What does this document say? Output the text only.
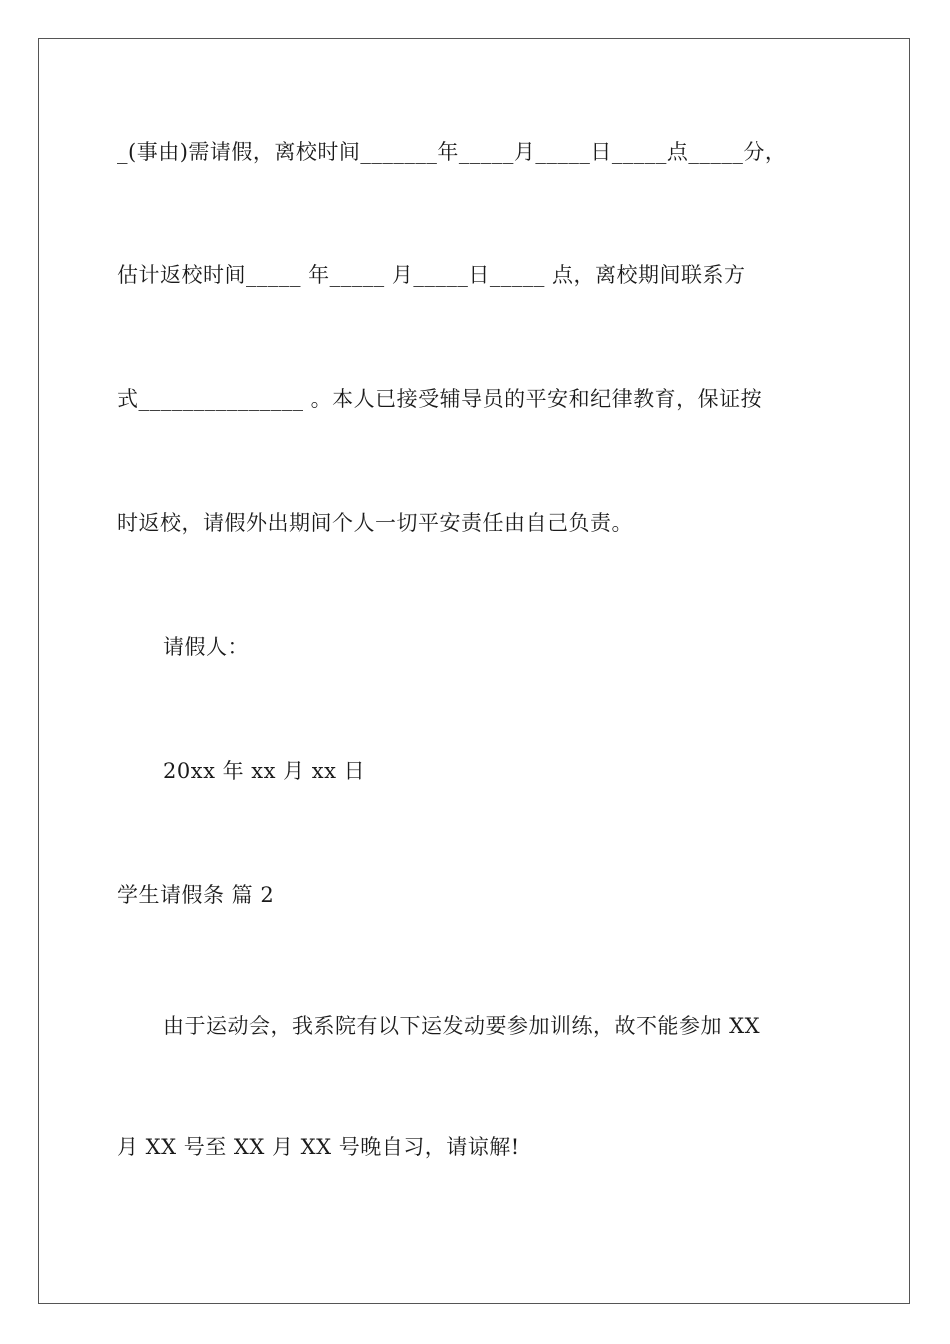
_(事由)需请假，离校时间_______年_____月_____日_____点_____分，
估计返校时间_____ 年_____ 月_____日_____ 点，离校期间联系方
式_______________ 。本人已接受辅导员的平安和纪律教育，保证按
时返校，请假外出期间个人一切平安责任由自己负责。
请假人：
20xx 年 xx 月 xx 日
学生请假条 篇 2
由于运动会，我系院有以下运发动要参加训练，故不能参加 XX
月 XX 号至 XX 月 XX 号晚自习，请谅解!
